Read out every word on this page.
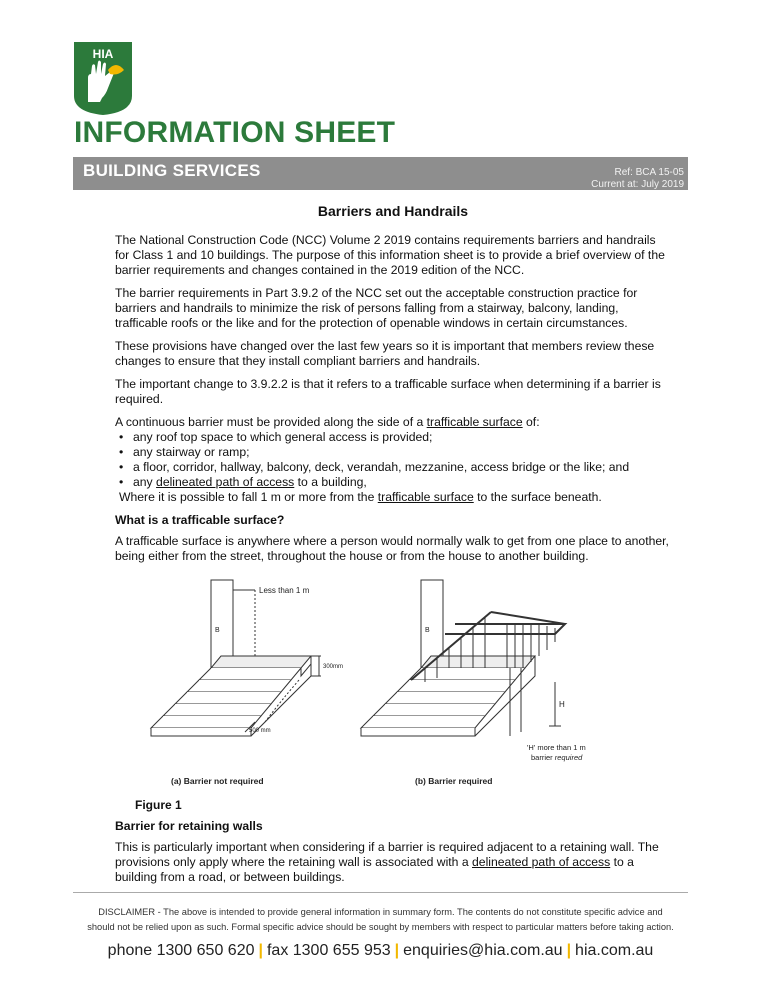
HIA
INFORMATION SHEET
BUILDING SERVICES	Ref: BCA 15-05
Current at: July 2019
Barriers and Handrails

The National Construction Code (NCC) Volume 2 2019 contains requirements barriers and handrails for Class 1 and 10 buildings. The purpose of this information sheet is to provide a brief overview of the barrier requirements and changes contained in the 2019 edition of the NCC.

The barrier requirements in Part 3.9.2 of the NCC set out the acceptable construction practice for barriers and handrails to minimize the risk of persons falling from a stairway, balcony, landing, trafficable roofs or the like and for the protection of openable windows in certain circumstances.

These provisions have changed over the last few years so it is important that members review these changes to ensure that they install compliant barriers and handrails.

The important change to 3.9.2.2 is that it refers to a trafficable surface when determining if a barrier is required.

A continuous barrier must be provided along the side of a trafficable surface of:
• any roof top space to which general access is provided;
• any stairway or ramp;
• a floor, corridor, hallway, balcony, deck, verandah, mezzanine, access bridge or the like; and
• any delineated path of access to a building,

Where it is possible to fall 1 m or more from the trafficable surface to the surface beneath.

What is a trafficable surface?

A trafficable surface is anywhere where a person would normally walk to get from one place to another, being either from the street, throughout the house or from the house to another building.

B
Less than 1 m
300mm
500 mm
(a) Barrier not required
B
H
'H' more than 1 m
barrier required
(b) Barrier required
Figure 1
Barrier for retaining walls

This is particularly important when considering if a barrier is required adjacent to a retaining wall. The provisions only apply where the retaining wall is associated with a delineated path of access to a building from a road, or between buildings.

DISCLAIMER - The above is intended to provide general information in summary form. The contents do not constitute specific advice and
should not be relied upon as such. Formal specific advice should be sought by members with respect to particular matters before taking action.
phone 1300 650 620 | fax 1300 655 953 | enquiries@hia.com.au | hia.com.au
